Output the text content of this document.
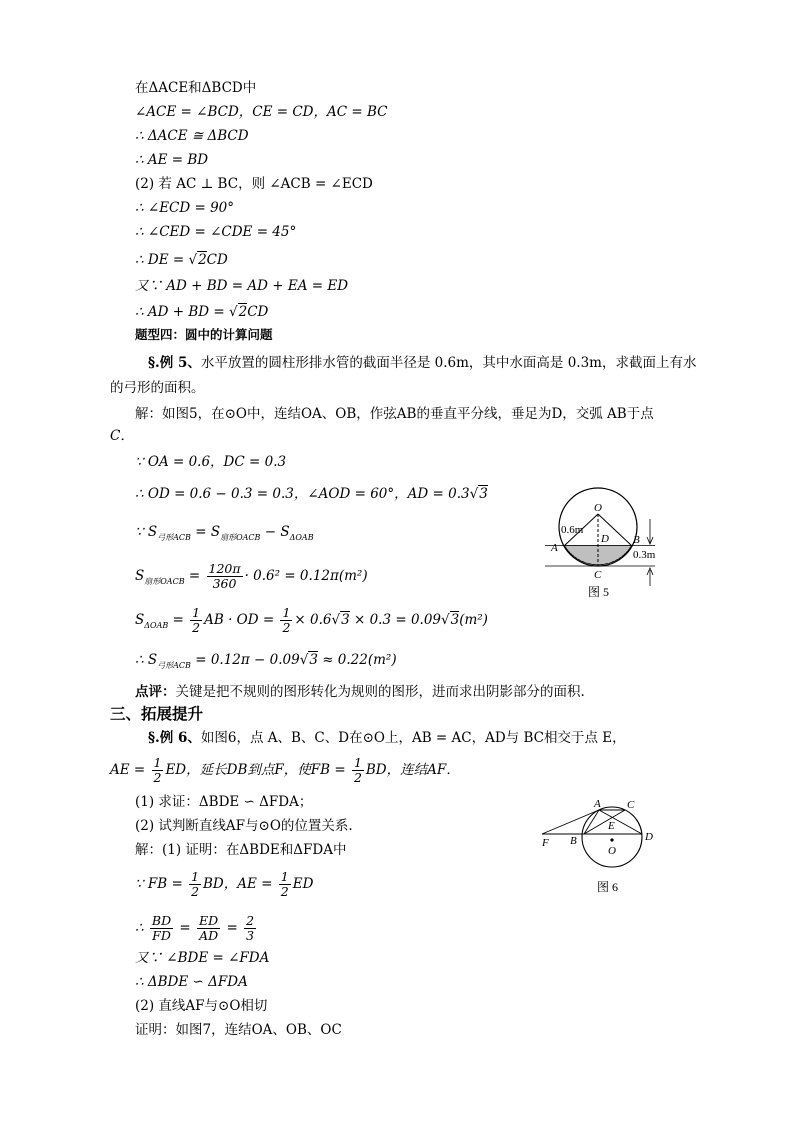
在ΔACE和ΔBCD中
∠ACE = ∠BCD，CE = CD，AC = BC
∴ ΔACE ≅ ΔBCD
∴ AE = BD
(2) 若 AC ⊥ BC，则 ∠ACB = ∠ECD
∴ ∠ECD = 90°
∴ ∠CED = ∠CDE = 45°
∴ DE = √2CD
又∵ AD + BD = AD + EA = ED
∴ AD + BD = √2CD
题型四：圆中的计算问题
§.例 5、水平放置的圆柱形排水管的截面半径是 0.6m，其中水面高是 0.3m，求截面上有水
的弓形的面积。
解：如图5，在⊙O中，连结OA、OB，作弦AB的垂直平分线，垂足为D，交弧 AB于点
C．
∵ OA = 0.6，DC = 0.3
∴ OD = 0.6 − 0.3 = 0.3，∠AOD = 60°，AD = 0.3√3
∵ $S_{弓形ACB} = S_{扇形OACB} - S_{\Delta OAB}$
$S_{扇形OACB} = \frac{120\pi}{360} \cdot 0.6^2 = 0.12\pi(m^2)$
$S_{\Delta OAB} = \frac{1}{2}$ AB · OD = $\frac{1}{2} \times 0.6√3 \times 0.3 = 0.09√3(m^2)$
∴ $S_{弓形ACB} = 0.12\pi - 0.09√3 \approx 0.22(m^2)$
点评：关键是把不规则的图形转化为规则的图形，进而求出阴影部分的面积.
O
0.6m
A
B
D
C
0.3m
图 5
三、拓展提升
§.例 6、如图6，点 A、B、C、D在⊙O上，AB = AC，AD与 BC相交于点 E，
AE = $\frac{1}{2}$ ED，延长DB到点F，使FB = $\frac{1}{2}$ BD，连结AF．
(1) 求证：ΔBDE ∽ ΔFDA；
(2) 试判断直线AF与⊙O的位置关系.
解：(1) 证明：在ΔBDE和ΔFDA中
∵ FB = $\frac{1}{2}$ BD，AE = $\frac{1}{2}$ ED
∴ $\frac{BD}{FD} = \frac{ED}{AD} = \frac{2}{3}$
又∵ ∠BDE = ∠FDA
∴ ΔBDE ∽ ΔFDA
(2) 直线AF与⊙O相切
证明：如图7，连结OA、OB、OC
A C
E
F B	D
O
图 6
